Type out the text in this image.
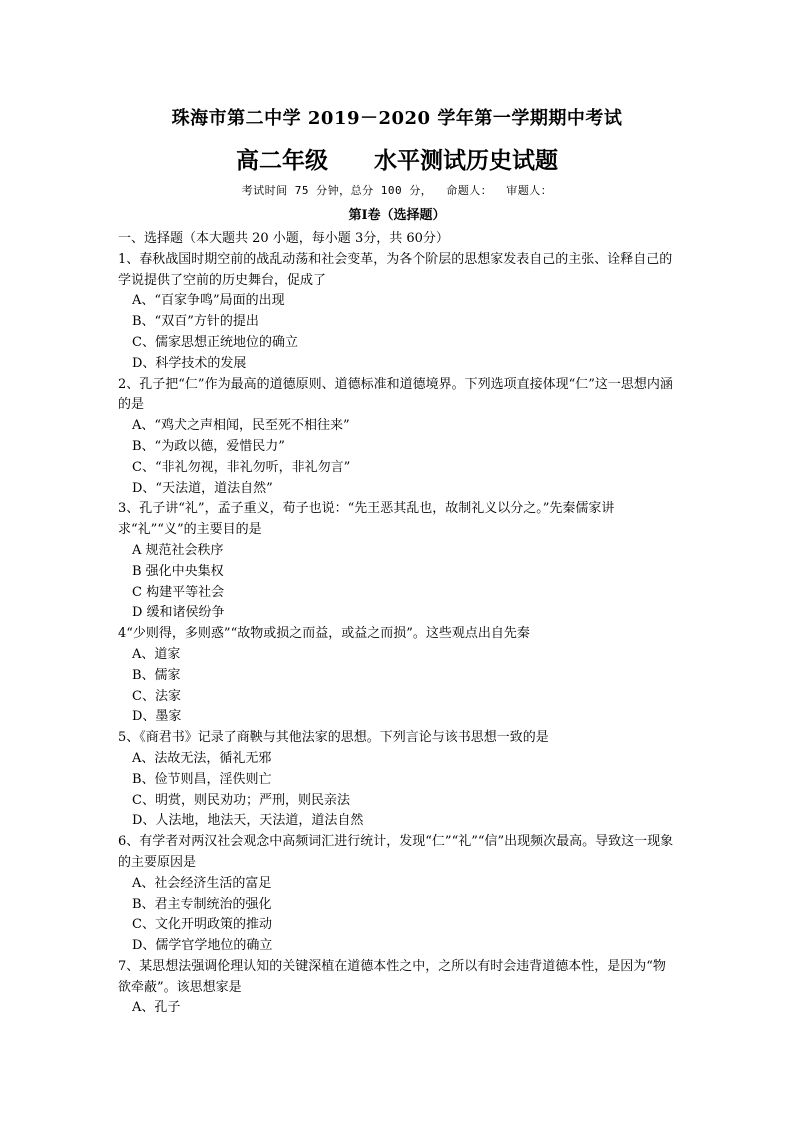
珠海市第二中学 2019－2020 学年第一学期期中考试
高二年级 水平测试历史试题
考试时间 75 分钟，总分 100 分， 命题人： 审题人：
第Ⅰ卷（选择题）

一、选择题（本大题共 20 小题，每小题 3分，共 60分）

1、春秋战国时期空前的战乱动荡和社会变革，为各个阶层的思想家发表自己的主张、诠释自己的学说提供了空前的历史舞台，促成了

A、“百家争鸣”局面的出现

B、“双百”方针的提出

C、儒家思想正统地位的确立

D、科学技术的发展

2、孔子把“仁”作为最高的道德原则、道德标准和道德境界。下列选项直接体现“仁”这一思想内涵的是

A、“鸡犬之声相闻，民至死不相往来”

B、“为政以德，爱惜民力”

C、“非礼勿视，非礼勿听，非礼勿言”

D、“天法道，道法自然”

3、孔子讲“礼”，孟子重义，荀子也说：“先王恶其乱也，故制礼义以分之。”先秦儒家讲求“礼”“义”的主要目的是

A 规范社会秩序

B 强化中央集权

C 构建平等社会

D 缓和诸侯纷争

4“少则得，多则惑”“故物或损之而益，或益之而损”。这些观点出自先秦

A、道家

B、儒家

C、法家

D、墨家

5、《商君书》记录了商鞅与其他法家的思想。下列言论与该书思想一致的是

A、法故无法，循礼无邪

B、俭节则昌，淫佚则亡

C、明赏，则民劝功；严刑，则民亲法

D、人法地，地法天，天法道，道法自然

6、有学者对两汉社会观念中高频词汇进行统计，发现“仁”“礼”“信”出现频次最高。导致这一现象的主要原因是

A、社会经济生活的富足

B、君主专制统治的强化

C、文化开明政策的推动

D、儒学官学地位的确立

7、某思想法强调伦理认知的关键深植在道德本性之中，之所以有时会违背道德本性，是因为“物欲牵蔽”。该思想家是

A、孔子
